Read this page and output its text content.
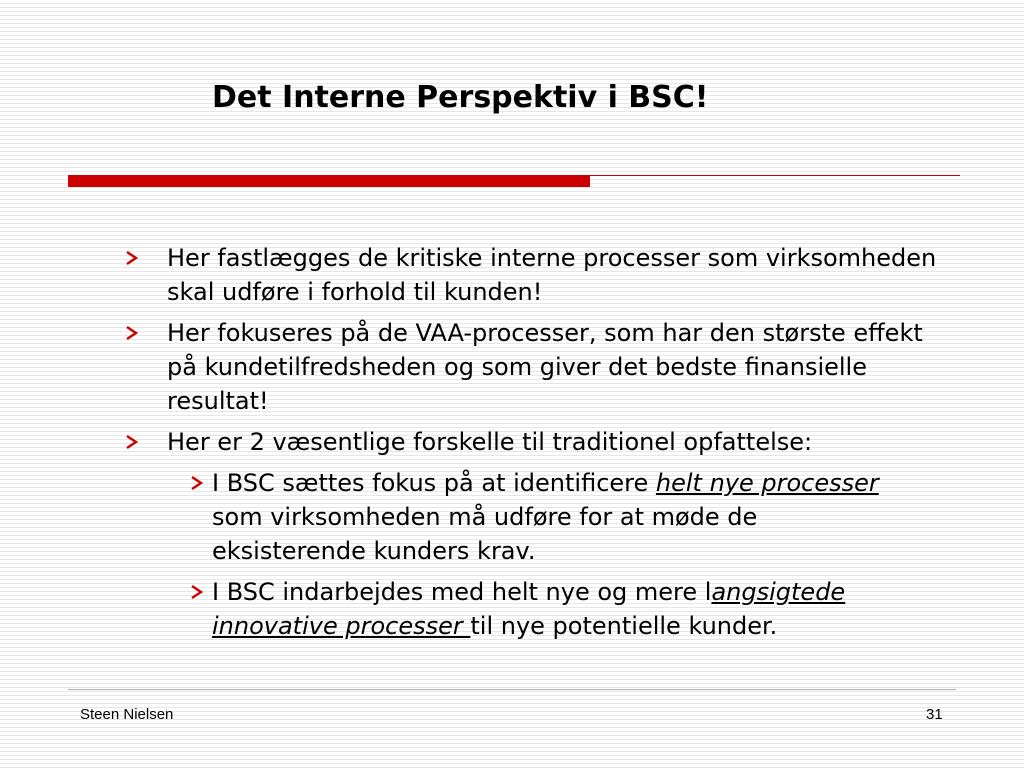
Det Interne Perspektiv i BSC!
Her fastlægges de kritiske interne processer som virksomheden skal udføre i forhold til kunden!
Her fokuseres på de VAA-processer, som har den største effekt på kundetilfredsheden og som giver det bedste finansielle resultat!
Her er 2 væsentlige forskelle til traditionel opfattelse:
I BSC sættes fokus på at identificere helt nye processer som virksomheden må udføre for at møde de eksisterende kunders krav.
I BSC indarbejdes med helt nye og mere langsigtede innovative processer til nye potentielle kunder.
Steen Nielsen	31
